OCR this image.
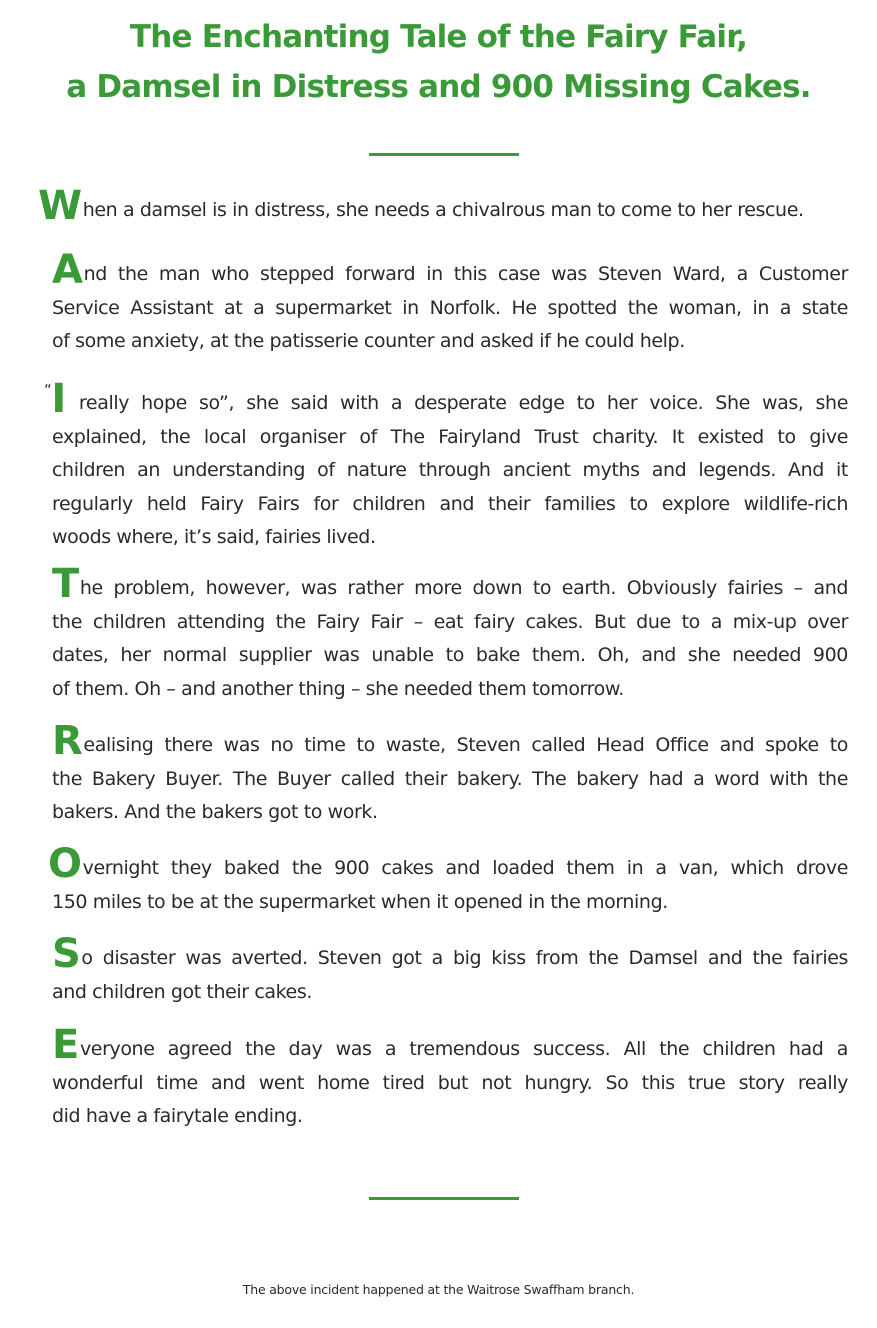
The Enchanting Tale of the Fairy Fair,
a Damsel in Distress and 900 Missing Cakes.
When a damsel is in distress, she needs a chivalrous man to come to her rescue.
And the man who stepped forward in this case was Steven Ward, a Customer
Service Assistant at a supermarket in Norfolk. He spotted the woman, in a state
of some anxiety, at the patisserie counter and asked if he could help.
“I really hope so”, she said with a desperate edge to her voice. She was, she
explained, the local organiser of The Fairyland Trust charity. It existed to give
children an understanding of nature through ancient myths and legends. And it
regularly held Fairy Fairs for children and their families to explore wildlife-rich
woods where, it’s said, fairies lived.
The problem, however, was rather more down to earth. Obviously fairies – and
the children attending the Fairy Fair – eat fairy cakes. But due to a mix-up over
dates, her normal supplier was unable to bake them. Oh, and she needed 900
of them. Oh – and another thing – she needed them tomorrow.
Realising there was no time to waste, Steven called Head Office and spoke to
the Bakery Buyer. The Buyer called their bakery. The bakery had a word with the
bakers. And the bakers got to work.
Overnight they baked the 900 cakes and loaded them in a van, which drove
150 miles to be at the supermarket when it opened in the morning.
So disaster was averted. Steven got a big kiss from the Damsel and the fairies
and children got their cakes.
Everyone agreed the day was a tremendous success. All the children had a
wonderful time and went home tired but not hungry. So this true story really
did have a fairytale ending.
The above incident happened at the Waitrose Swaffham branch.
